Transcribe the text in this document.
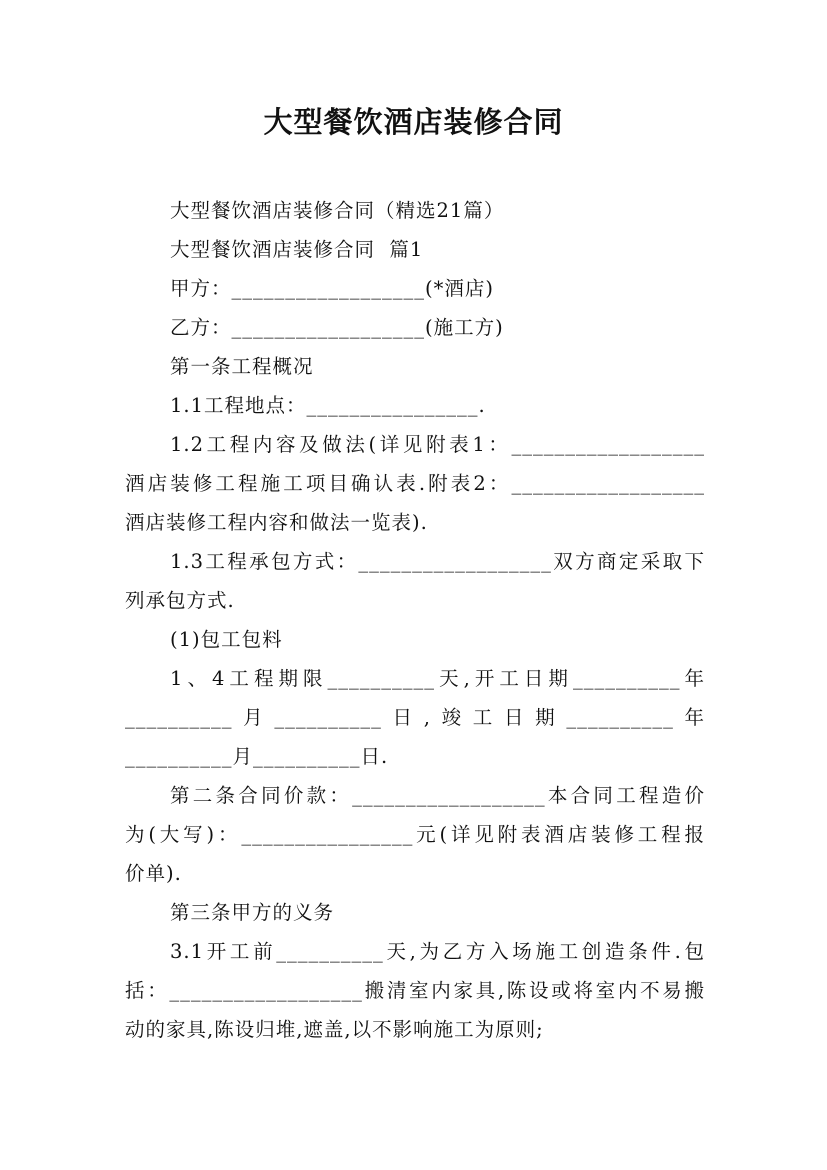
大型餐饮酒店装修合同
大型餐饮酒店装修合同（精选21篇）
大型餐饮酒店装修合同  篇1
甲方：__________________(*酒店)
乙方：__________________(施工方)
第一条工程概况
1.1工程地点：________________.
1.2工程内容及做法(详见附表1：__________________
酒店装修工程施工项目确认表.附表2：__________________
酒店装修工程内容和做法一览表).
1.3工程承包方式：__________________双方商定采取下
列承包方式.
(1)包工包料
1、4工程期限__________天,开工日期__________年
__________月__________日,竣工日期__________年
__________月__________日.
第二条合同价款：__________________本合同工程造价
为(大写)：________________元(详见附表酒店装修工程报
价单).
第三条甲方的义务
3.1开工前__________天,为乙方入场施工创造条件.包
括：__________________搬清室内家具,陈设或将室内不易搬
动的家具,陈设归堆,遮盖,以不影响施工为原则;
